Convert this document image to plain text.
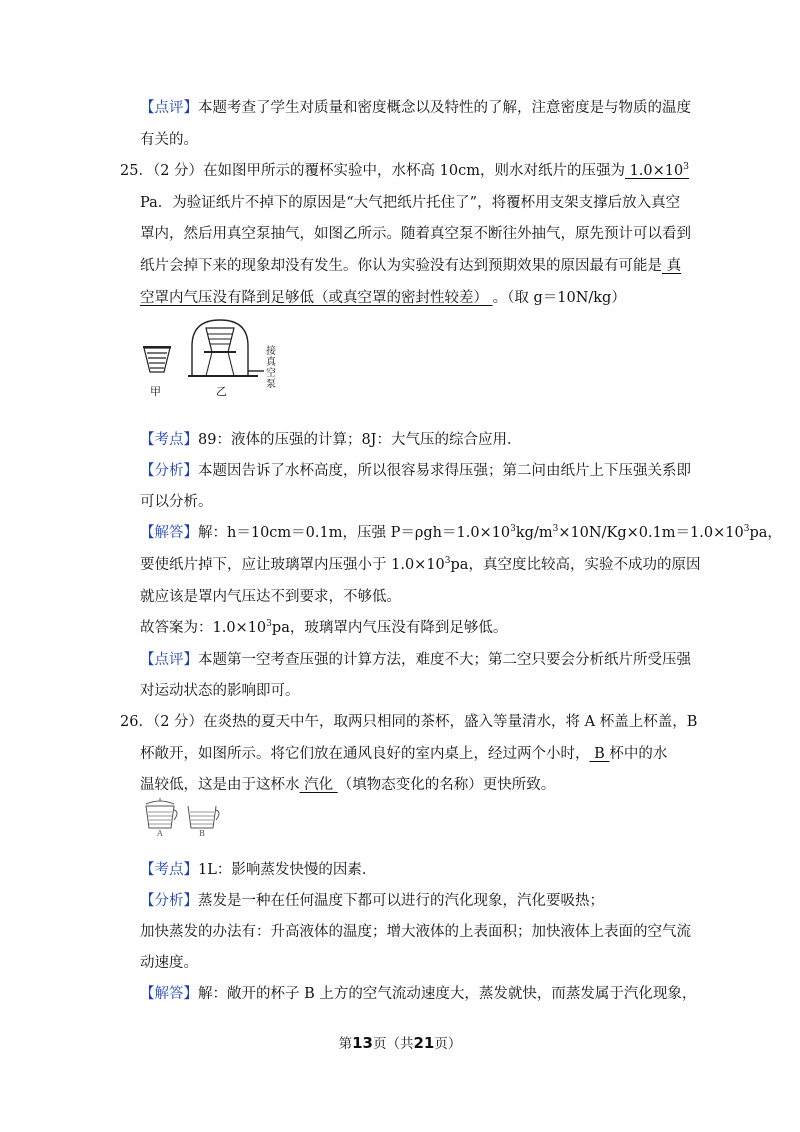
【点评】本题考查了学生对质量和密度概念以及特性的了解，注意密度是与物质的温度
有关的。
25．（2 分）在如图甲所示的覆杯实验中，水杯高 10cm，则水对纸片的压强为 $1.0\times 10^3$
Pa．为验证纸片不掉下的原因是“大气把纸片托住了”，将覆杯用支架支撑后放入真空
罩内，然后用真空泵抽气，如图乙所示。随着真空泵不断往外抽气，原先预计可以看到
纸片会掉下来的现象却没有发生。你认为实验没有达到预期效果的原因最有可能是 真
空罩内气压没有降到足够低（或真空罩的密封性较差） 。（取 g＝10N/kg）
甲	乙
接真空泵
【考点】89：液体的压强的计算；8J：大气压的综合应用．
【分析】本题因告诉了水杯高度，所以很容易求得压强；第二问由纸片上下压强关系即
可以分析。
【解答】解：h＝10cm＝0.1m，压强 $P=\rho gh=1.0\times 10^3kg/m^3\times 10N/Kg\times 0.1m=1.0\times 10^3pa$，
要使纸片掉下，应让玻璃罩内压强小于 $1.0\times 10^3pa$，真空度比较高，实验不成功的原因
就应该是罩内气压达不到要求，不够低。
故答案为：$1.0\times 10^3pa$，玻璃罩内气压没有降到足够低。
【点评】本题第一空考查压强的计算方法，难度不大；第二空只要会分析纸片所受压强
对运动状态的影响即可。
26．（2 分）在炎热的夏天中午，取两只相同的茶杯，盛入等量清水，将 A 杯盖上杯盖，B
杯敞开，如图所示。将它们放在通风良好的室内桌上，经过两个小时， B 杯中的水
温较低，这是由于这杯水 汽化 （填物态变化的名称）更快所致。
A	B
【考点】1L：影响蒸发快慢的因素．
【分析】蒸发是一种在任何温度下都可以进行的汽化现象，汽化要吸热；
加快蒸发的办法有：升高液体的温度；增大液体的上表面积；加快液体上表面的空气流
动速度。
【解答】解：敞开的杯子 B 上方的空气流动速度大，蒸发就快，而蒸发属于汽化现象，
第13页（共21页）
